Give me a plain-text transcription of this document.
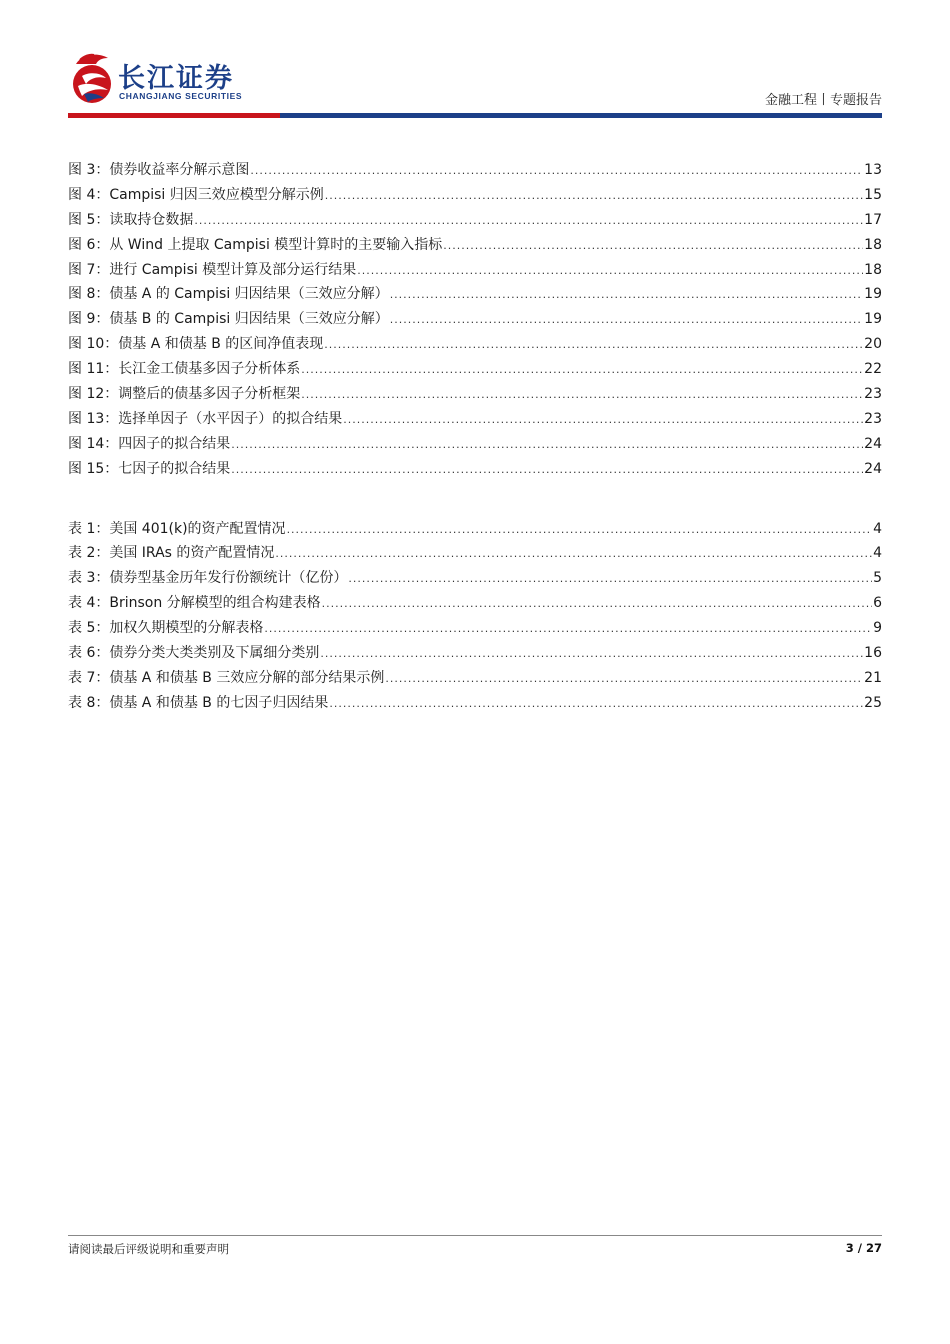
长江证券
CHANGJIANG SECURITIES	金融工程丨专题报告
图 3：债券收益率分解示意图 .....	13
图 4：Campisi 归因三效应模型分解示例 .....	15
图 5：读取持仓数据 .....	17
图 6：从 Wind 上提取 Campisi 模型计算时的主要输入指标 .....	18
图 7：进行 Campisi 模型计算及部分运行结果 .....	18
图 8：债基 A 的 Campisi 归因结果（三效应分解） .....	19
图 9：债基 B 的 Campisi 归因结果（三效应分解） .....	19
图 10：债基 A 和债基 B 的区间净值表现 .....	20
图 11：长江金工债基多因子分析体系 .....	22
图 12：调整后的债基多因子分析框架 .....	23
图 13：选择单因子（水平因子）的拟合结果 .....	23
图 14：四因子的拟合结果 .....	24
图 15：七因子的拟合结果 .....	24
表 1：美国 401(k)的资产配置情况 .....	4
表 2：美国 IRAs 的资产配置情况 .....	4
表 3：债券型基金历年发行份额统计（亿份） .....	5
表 4：Brinson 分解模型的组合构建表格 .....	6
表 5：加权久期模型的分解表格 .....	9
表 6：债券分类大类类别及下属细分类别 .....	16
表 7：债基 A 和债基 B 三效应分解的部分结果示例 .....	21
表 8：债基 A 和债基 B 的七因子归因结果 .....	25
请阅读最后评级说明和重要声明	3 / 27
